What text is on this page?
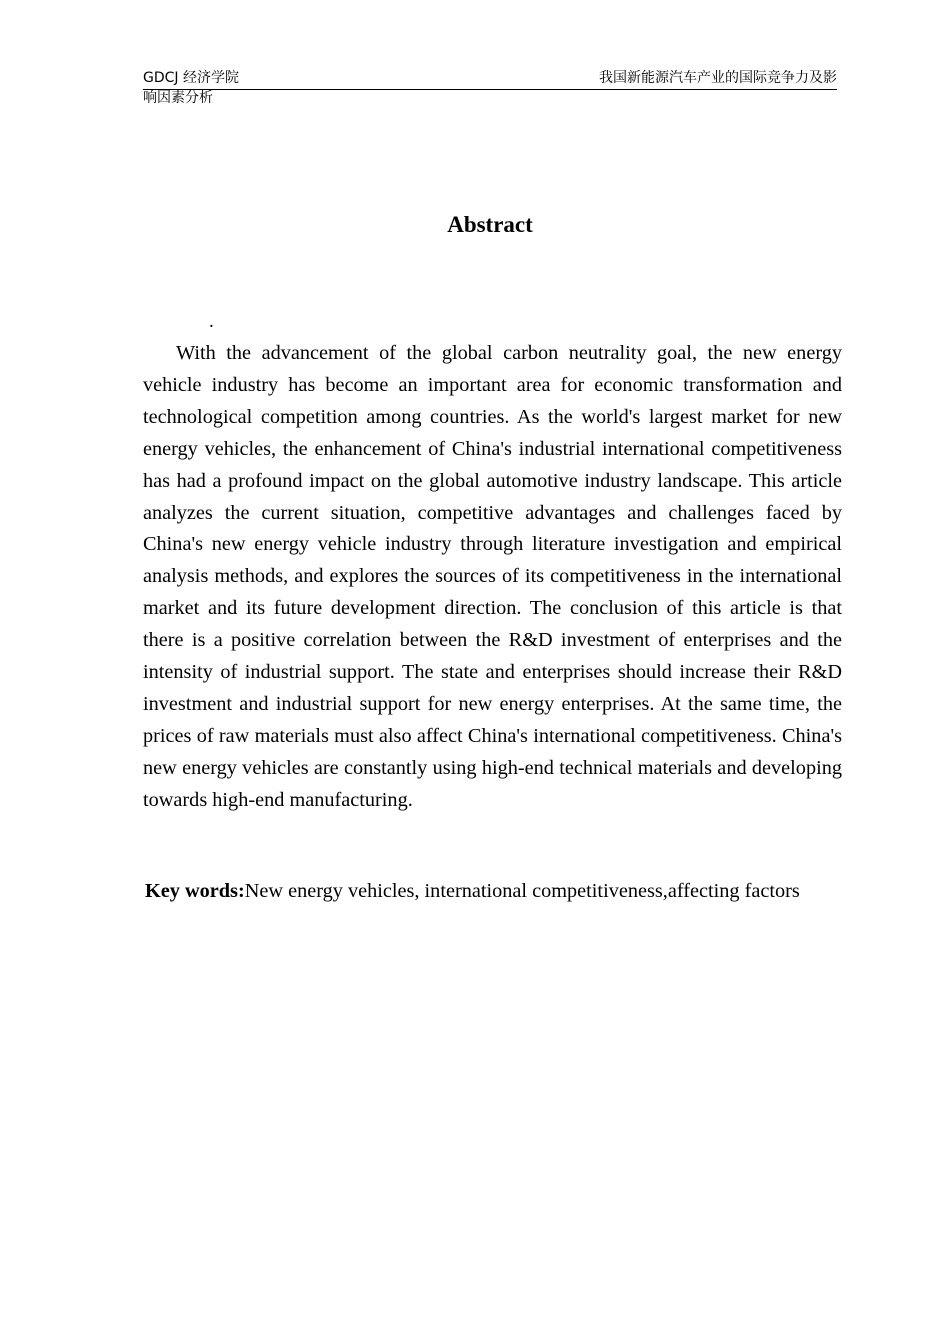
GDCJ 经济学院	我国新能源汽车产业的国际竞争力及影
响因素分析
Abstract
.

With the advancement of the global carbon neutrality goal, the new energy vehicle industry has become an important area for economic transformation and technological competition among countries. As the world's largest market for new energy vehicles, the enhancement of China's industrial international competitiveness has had a profound impact on the global automotive industry landscape. This article analyzes the current situation, competitive advantages and challenges faced by China's new energy vehicle industry through literature investigation and empirical analysis methods, and explores the sources of its competitiveness in the international market and its future development direction. The conclusion of this article is that there is a positive correlation between the R&D investment of enterprises and the intensity of industrial support. The state and enterprises should increase their R&D investment and industrial support for new energy enterprises. At the same time, the prices of raw materials must also affect China's international competitiveness. China's new energy vehicles are constantly using high-end technical materials and developing towards high-end manufacturing.

Key words:New energy vehicles, international competitiveness,affecting factors
